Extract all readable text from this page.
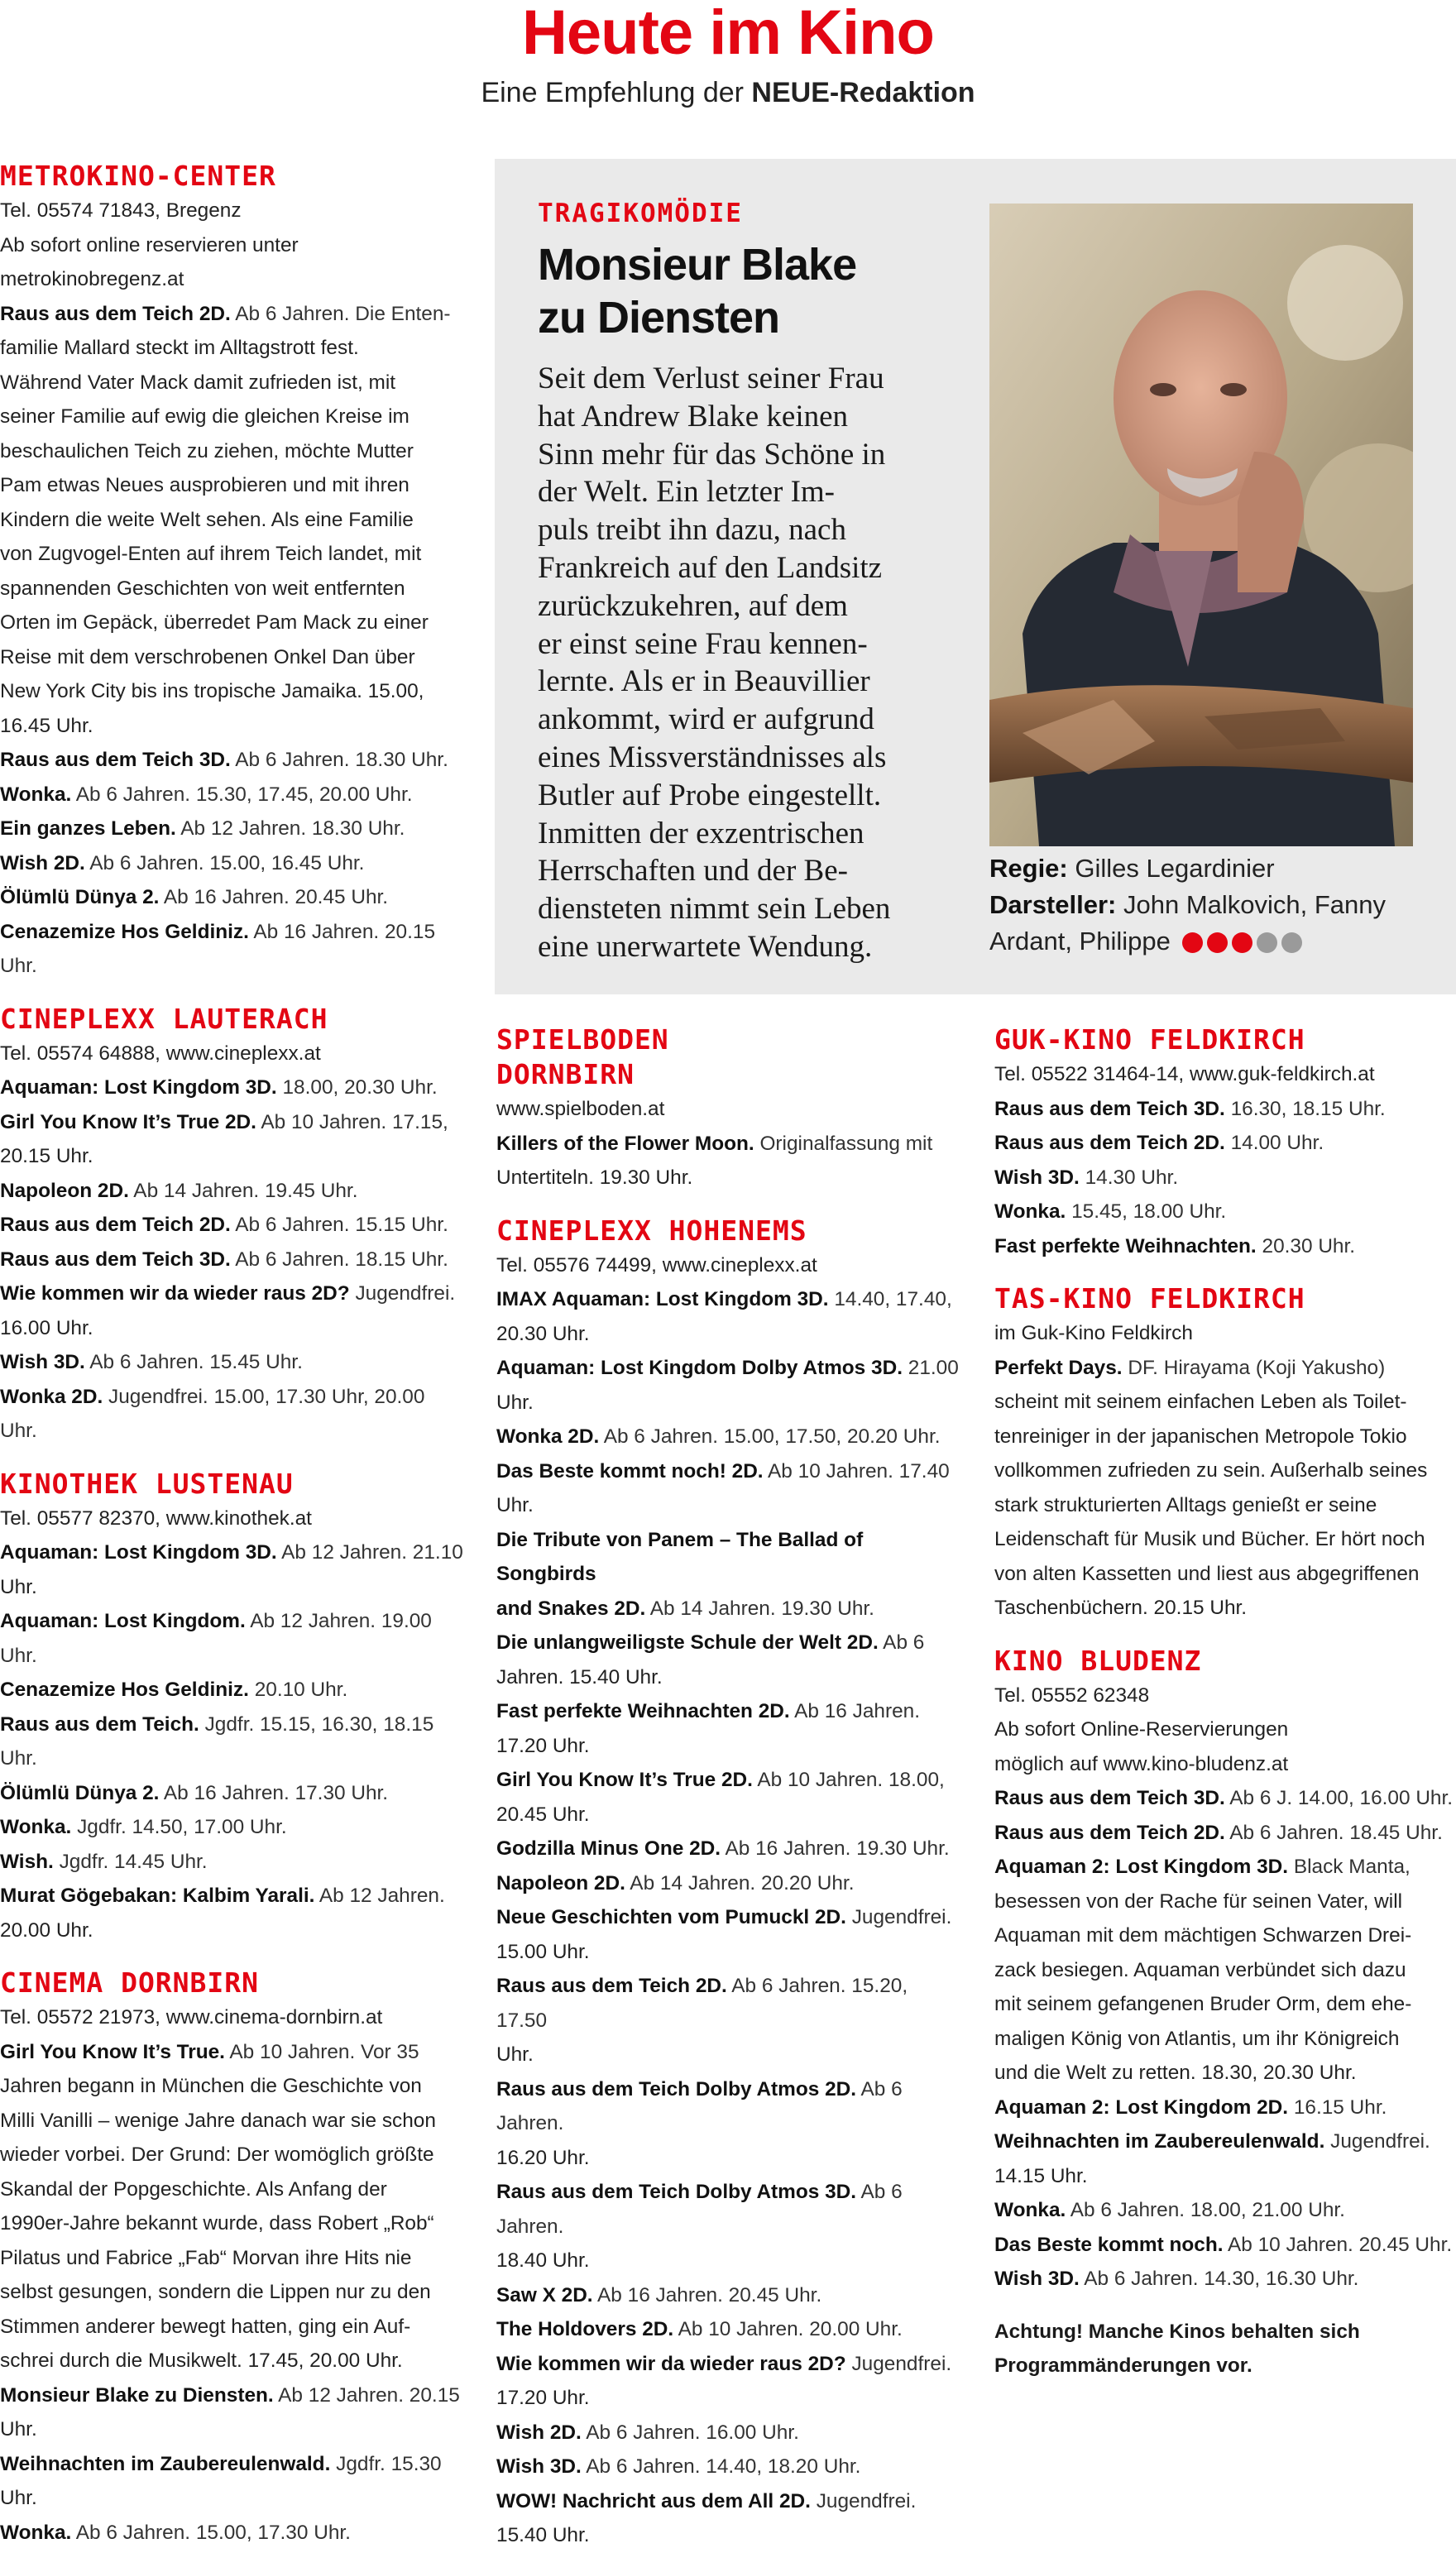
Heute im Kino
Eine Empfehlung der NEUE-Redaktion
METROKINO-CENTER

Tel. 05574 71843, Bregenz

Ab sofort online reservieren unter

metrokinobregenz.at

Raus aus dem Teich 2D. Ab 6 Jahren. Die Enten-

familie Mallard steckt im Alltagstrott fest.

Während Vater Mack damit zufrieden ist, mit

seiner Familie auf ewig die gleichen Kreise im

beschaulichen Teich zu ziehen, möchte Mutter

Pam etwas Neues ausprobieren und mit ihren

Kindern die weite Welt sehen. Als eine Familie

von Zugvogel-Enten auf ihrem Teich landet, mit

spannenden Geschichten von weit entfernten

Orten im Gepäck, überredet Pam Mack zu einer

Reise mit dem verschrobenen Onkel Dan über

New York City bis ins tropische Jamaika. 15.00,

16.45 Uhr.

Raus aus dem Teich 3D. Ab 6 Jahren. 18.30 Uhr.

Wonka. Ab 6 Jahren. 15.30, 17.45, 20.00 Uhr.

Ein ganzes Leben. Ab 12 Jahren. 18.30 Uhr.

Wish 2D. Ab 6 Jahren. 15.00, 16.45 Uhr.

Ölümlü Dünya 2. Ab 16 Jahren. 20.45 Uhr.

Cenazemize Hos Geldiniz. Ab 16 Jahren. 20.15 Uhr.

CINEPLEXX LAUTERACH

Tel. 05574 64888, www.cineplexx.at

Aquaman: Lost Kingdom 3D. 18.00, 20.30 Uhr.

Girl You Know It’s True 2D. Ab 10 Jahren. 17.15,

20.15 Uhr.

Napoleon 2D. Ab 14 Jahren. 19.45 Uhr.

Raus aus dem Teich 2D. Ab 6 Jahren. 15.15 Uhr.

Raus aus dem Teich 3D. Ab 6 Jahren. 18.15 Uhr.

Wie kommen wir da wieder raus 2D? Jugendfrei.

16.00 Uhr.

Wish 3D. Ab 6 Jahren. 15.45 Uhr.

Wonka 2D. Jugendfrei. 15.00, 17.30 Uhr, 20.00 Uhr.

KINOTHEK LUSTENAU

Tel. 05577 82370, www.kinothek.at

Aquaman: Lost Kingdom 3D. Ab 12 Jahren. 21.10

Uhr.

Aquaman: Lost Kingdom. Ab 12 Jahren. 19.00 Uhr.

Cenazemize Hos Geldiniz. 20.10 Uhr.

Raus aus dem Teich. Jgdfr. 15.15, 16.30, 18.15 Uhr.

Ölümlü Dünya 2. Ab 16 Jahren. 17.30 Uhr.

Wonka. Jgdfr. 14.50, 17.00 Uhr.

Wish. Jgdfr. 14.45 Uhr.

Murat Gögebakan: Kalbim Yarali. Ab 12 Jahren.

20.00 Uhr.

CINEMA DORNBIRN

Tel. 05572 21973, www.cinema-dornbirn.at

Girl You Know It’s True. Ab 10 Jahren. Vor 35

Jahren begann in München die Geschichte von

Milli Vanilli – wenige Jahre danach war sie schon

wieder vorbei. Der Grund: Der womöglich größte

Skandal der Popgeschichte. Als Anfang der

1990er-Jahre bekannt wurde, dass Robert „Rob“

Pilatus und Fabrice „Fab“ Morvan ihre Hits nie

selbst gesungen, sondern die Lippen nur zu den

Stimmen anderer bewegt hatten, ging ein Auf-

schrei durch die Musikwelt. 17.45, 20.00 Uhr.

Monsieur Blake zu Diensten. Ab 12 Jahren. 20.15

Uhr.

Weihnachten im Zaubereulenwald. Jgdfr. 15.30

Uhr.

Wonka. Ab 6 Jahren. 15.00, 17.30 Uhr.

TRAGIKOMÖDIE
Monsieur Blake
zu Diensten

Seit dem Verlust seiner Frau
hat Andrew Blake keinen
Sinn mehr für das Schöne in
der Welt. Ein letzter Im-
puls treibt ihn dazu, nach
Frankreich auf den Landsitz
zurückzukehren, auf dem
er einst seine Frau kennen-
lernte. Als er in Beauvillier
ankommt, wird er aufgrund
eines Missverständnisses als
Butler auf Probe eingestellt.
Inmitten der exzentrischen
Herrschaften und der Be-
diensteten nimmt sein Leben
eine unerwartete Wendung.

Regie: Gilles Legardinier
Darsteller: John Malkovich, Fanny
Ardant, Philippe
SPIELBODEN
DORNBIRN

www.spielboden.at

Killers of the Flower Moon. Originalfassung mit

Untertiteln. 19.30 Uhr.

CINEPLEXX HOHENEMS

Tel. 05576 74499, www.cineplexx.at

IMAX Aquaman: Lost Kingdom 3D. 14.40, 17.40,

20.30 Uhr.

Aquaman: Lost Kingdom Dolby Atmos 3D. 21.00

Uhr.

Wonka 2D. Ab 6 Jahren. 15.00, 17.50, 20.20 Uhr.

Das Beste kommt noch! 2D. Ab 10 Jahren. 17.40

Uhr.

Die Tribute von Panem – The Ballad of Songbirds

and Snakes 2D. Ab 14 Jahren. 19.30 Uhr.

Die unlangweiligste Schule der Welt 2D. Ab 6

Jahren. 15.40 Uhr.

Fast perfekte Weihnachten 2D. Ab 16 Jahren.

17.20 Uhr.

Girl You Know It’s True 2D. Ab 10 Jahren. 18.00,

20.45 Uhr.

Godzilla Minus One 2D. Ab 16 Jahren. 19.30 Uhr.

Napoleon 2D. Ab 14 Jahren. 20.20 Uhr.

Neue Geschichten vom Pumuckl 2D. Jugendfrei.

15.00 Uhr.

Raus aus dem Teich 2D. Ab 6 Jahren. 15.20, 17.50

Uhr.

Raus aus dem Teich Dolby Atmos 2D. Ab 6 Jahren.

16.20 Uhr.

Raus aus dem Teich Dolby Atmos 3D. Ab 6 Jahren.

18.40 Uhr.

Saw X 2D. Ab 16 Jahren. 20.45 Uhr.

The Holdovers 2D. Ab 10 Jahren. 20.00 Uhr.

Wie kommen wir da wieder raus 2D? Jugendfrei.

17.20 Uhr.

Wish 2D. Ab 6 Jahren. 16.00 Uhr.

Wish 3D. Ab 6 Jahren. 14.40, 18.20 Uhr.

WOW! Nachricht aus dem All 2D. Jugendfrei.

15.40 Uhr.

GUK-KINO FELDKIRCH

Tel. 05522 31464-14, www.guk-feldkirch.at

Raus aus dem Teich 3D. 16.30, 18.15 Uhr.

Raus aus dem Teich 2D. 14.00 Uhr.

Wish 3D. 14.30 Uhr.

Wonka. 15.45, 18.00 Uhr.

Fast perfekte Weihnachten. 20.30 Uhr.

TAS-KINO FELDKIRCH

im Guk-Kino Feldkirch

Perfekt Days. DF. Hirayama (Koji Yakusho)

scheint mit seinem einfachen Leben als Toilet-

tenreiniger in der japanischen Metropole Tokio

vollkommen zufrieden zu sein. Außerhalb seines

stark strukturierten Alltags genießt er seine

Leidenschaft für Musik und Bücher. Er hört noch

von alten Kassetten und liest aus abgegriffenen

Taschenbüchern. 20.15 Uhr.

KINO BLUDENZ

Tel. 05552 62348

Ab sofort Online-Reservierungen

möglich auf www.kino-bludenz.at

Raus aus dem Teich 3D. Ab 6 J. 14.00, 16.00 Uhr.

Raus aus dem Teich 2D. Ab 6 Jahren. 18.45 Uhr.

Aquaman 2: Lost Kingdom 3D. Black Manta,

besessen von der Rache für seinen Vater, will

Aquaman mit dem mächtigen Schwarzen Drei-

zack besiegen. Aquaman verbündet sich dazu

mit seinem gefangenen Bruder Orm, dem ehe-

maligen König von Atlantis, um ihr Königreich

und die Welt zu retten. 18.30, 20.30 Uhr.

Aquaman 2: Lost Kingdom 2D. 16.15 Uhr.

Weihnachten im Zaubereulenwald. Jugendfrei.

14.15 Uhr.

Wonka. Ab 6 Jahren. 18.00, 21.00 Uhr.

Das Beste kommt noch. Ab 10 Jahren. 20.45 Uhr.

Wish 3D. Ab 6 Jahren. 14.30, 16.30 Uhr.

Achtung! Manche Kinos behalten sich

Programmänderungen vor.
